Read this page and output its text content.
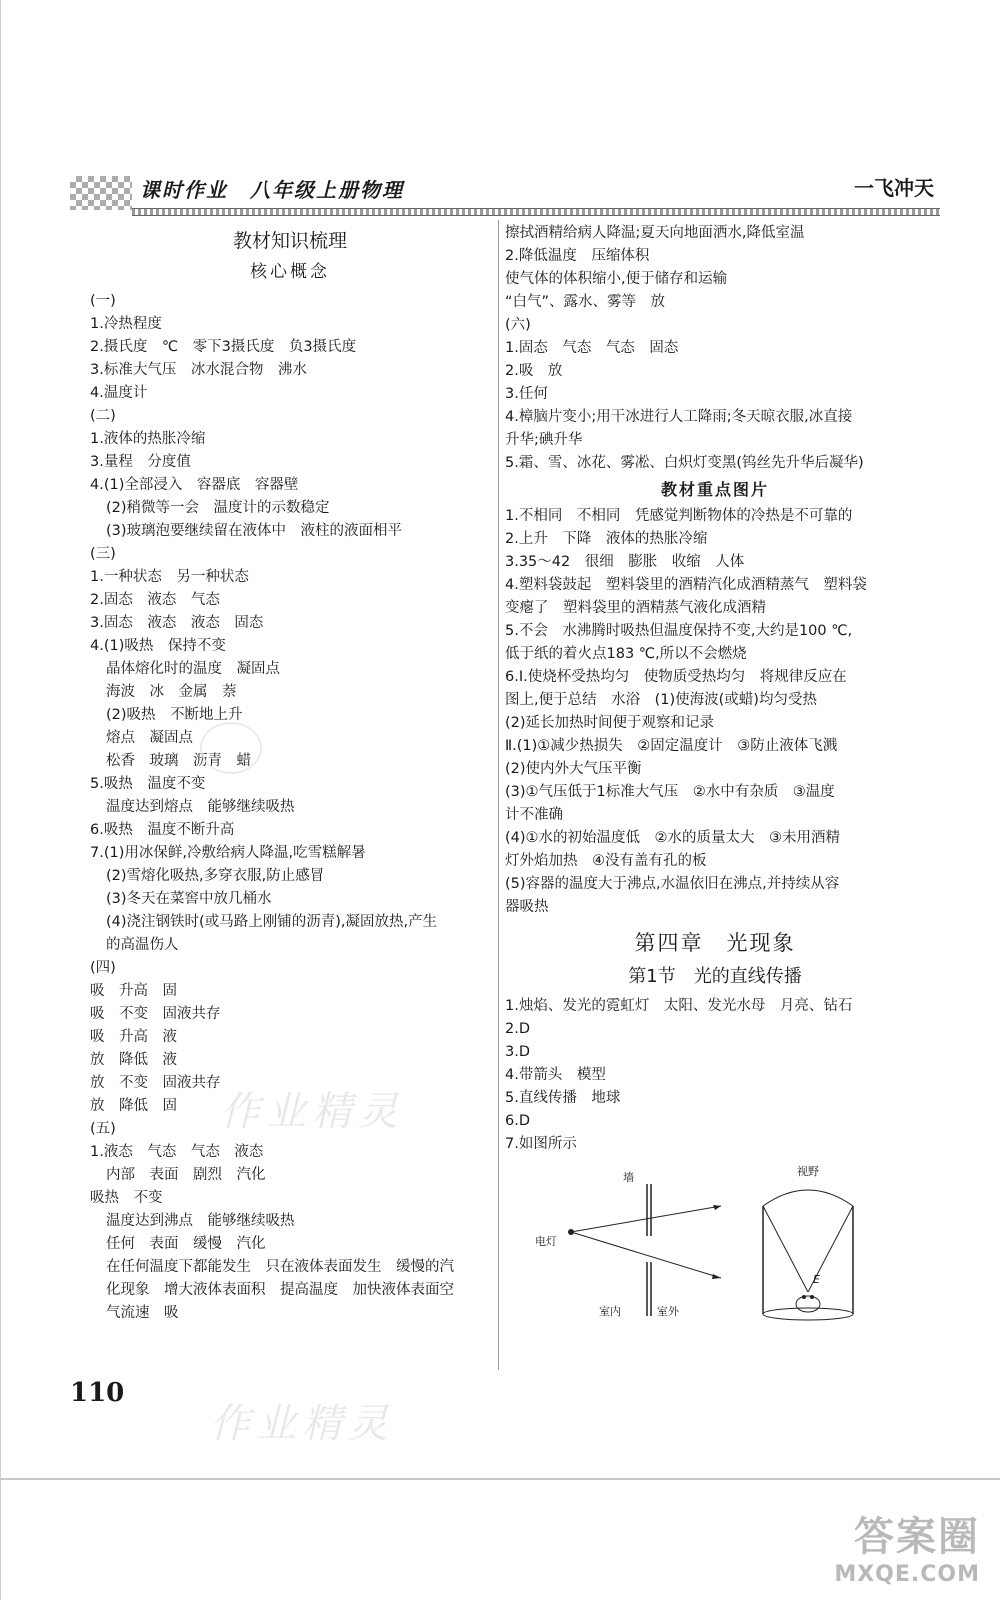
课时作业　八年级上册物理	一飞冲天
教材知识梳理
核心概念
(一)
1.冷热程度
2.摄氏度　℃　零下3摄氏度　负3摄氏度
3.标准大气压　冰水混合物　沸水
4.温度计
(二)
1.液体的热胀冷缩
3.量程　分度值
4.(1)全部浸入　容器底　容器壁
(2)稍微等一会　温度计的示数稳定
(3)玻璃泡要继续留在液体中　液柱的液面相平
(三)
1.一种状态　另一种状态
2.固态　液态　气态
3.固态　液态　液态　固态
4.(1)吸热　保持不变
晶体熔化时的温度　凝固点
海波　冰　金属　萘
(2)吸热　不断地上升
熔点　凝固点
松香　玻璃　沥青　蜡
5.吸热　温度不变
温度达到熔点　能够继续吸热
6.吸热　温度不断升高
7.(1)用冰保鲜,冷敷给病人降温,吃雪糕解暑
(2)雪熔化吸热,多穿衣服,防止感冒
(3)冬天在菜窖中放几桶水
(4)浇注钢铁时(或马路上刚铺的沥青),凝固放热,产生
的高温伤人
(四)
吸　升高　固
吸　不变　固液共存
吸　升高　液
放　降低　液
放　不变　固液共存
放　降低　固
(五)
1.液态　气态　气态　液态
内部　表面　剧烈　汽化
吸热　不变
温度达到沸点　能够继续吸热
任何　表面　缓慢　汽化
在任何温度下都能发生　只在液体表面发生　缓慢的汽
化现象　增大液体表面积　提高温度　加快液体表面空
气流速　吸
擦拭酒精给病人降温;夏天向地面洒水,降低室温
2.降低温度　压缩体积
使气体的体积缩小,便于储存和运输
“白气”、露水、雾等　放
(六)
1.固态　气态　气态　固态
2.吸　放
3.任何
4.樟脑片变小;用干冰进行人工降雨;冬天晾衣服,冰直接
升华;碘升华
5.霜、雪、冰花、雾凇、白炽灯变黑(钨丝先升华后凝华)
教材重点图片
1.不相同　不相同　凭感觉判断物体的冷热是不可靠的
2.上升　下降　液体的热胀冷缩
3.35～42　很细　膨胀　收缩　人体
4.塑料袋鼓起　塑料袋里的酒精汽化成酒精蒸气　塑料袋
变瘪了　塑料袋里的酒精蒸气液化成酒精
5.不会　水沸腾时吸热但温度保持不变,大约是100 ℃,
低于纸的着火点183 ℃,所以不会燃烧
6.Ⅰ.使烧杯受热均匀　使物质受热均匀　将规律反应在
图上,便于总结　水浴　(1)使海波(或蜡)均匀受热
(2)延长加热时间便于观察和记录
Ⅱ.(1)①减少热损失　②固定温度计　③防止液体飞溅
(2)使内外大气压平衡
(3)①气压低于1标准大气压　②水中有杂质　③温度
计不准确
(4)①水的初始温度低　②水的质量太大　③未用酒精
灯外焰加热　④没有盖有孔的板
(5)容器的温度大于沸点,水温依旧在沸点,并持续从容
器吸热
第四章　光现象
第1节　光的直线传播
1.烛焰、发光的霓虹灯　太阳、发光水母　月亮、钻石
2.D
3.D
4.带箭头　模型
5.直线传播　地球
6.D
7.如图所示
墙
电灯
室内	室外
视野
E
作业精灵
作业精灵
110
答案圈
MXQE.COM
